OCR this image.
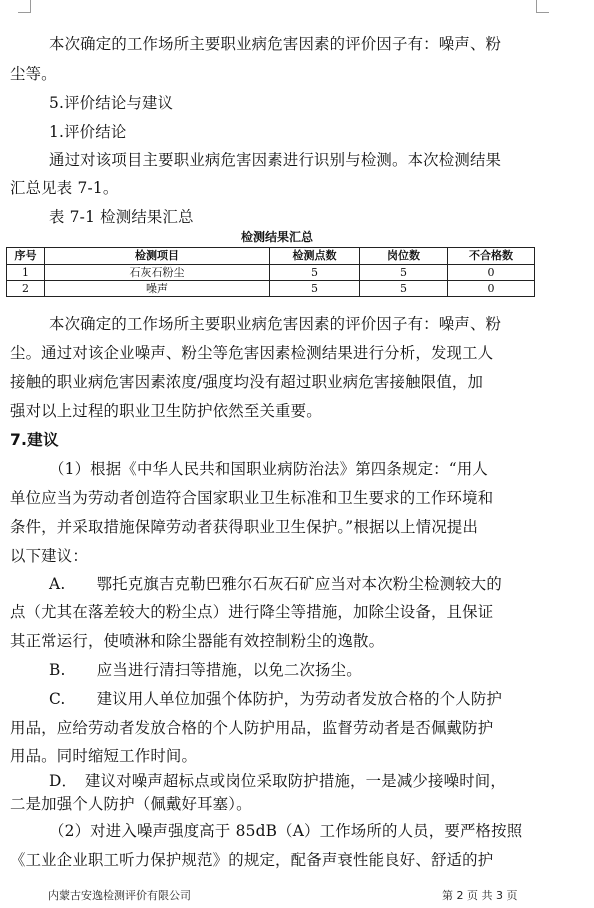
本次确定的工作场所主要职业病危害因素的评价因子有：噪声、粉
尘等。
5.评价结论与建议
1.评价结论
通过对该项目主要职业病危害因素进行识别与检测。本次检测结果
汇总见表 7-1。
表 7-1 检测结果汇总
检测结果汇总
序号	检测项目	检测点数	岗位数	不合格数
1	石灰石粉尘	5	5	0
2	噪声	5	5	0
本次确定的工作场所主要职业病危害因素的评价因子有：噪声、粉
尘。通过对该企业噪声、粉尘等危害因素检测结果进行分析，发现工人
接触的职业病危害因素浓度/强度均没有超过职业病危害接触限值，加
强对以上过程的职业卫生防护依然至关重要。
7.建议
（1）根据《中华人民共和国职业病防治法》第四条规定：“用人
单位应当为劳动者创造符合国家职业卫生标准和卫生要求的工作环境和
条件，并采取措施保障劳动者获得职业卫生保护。”根据以上情况提出
以下建议：
A.　　鄂托克旗吉克勒巴雅尔石灰石矿应当对本次粉尘检测较大的
点（尤其在落差较大的粉尘点）进行降尘等措施，加除尘设备，且保证
其正常运行，使喷淋和除尘器能有效控制粉尘的逸散。
B.　　应当进行清扫等措施，以免二次扬尘。
C.　　建议用人单位加强个体防护，为劳动者发放合格的个人防护
用品，应给劳动者发放合格的个人防护用品，监督劳动者是否佩戴防护
用品。同时缩短工作时间。
D．　建议对噪声超标点或岗位采取防护措施，一是减少接噪时间，
二是加强个人防护（佩戴好耳塞）。
（2）对进入噪声强度高于 85dB（A）工作场所的人员，要严格按照
《工业企业职工听力保护规范》的规定，配备声衰性能良好、舒适的护
内蒙古安逸检测评价有限公司	第 2 页 共 3 页
